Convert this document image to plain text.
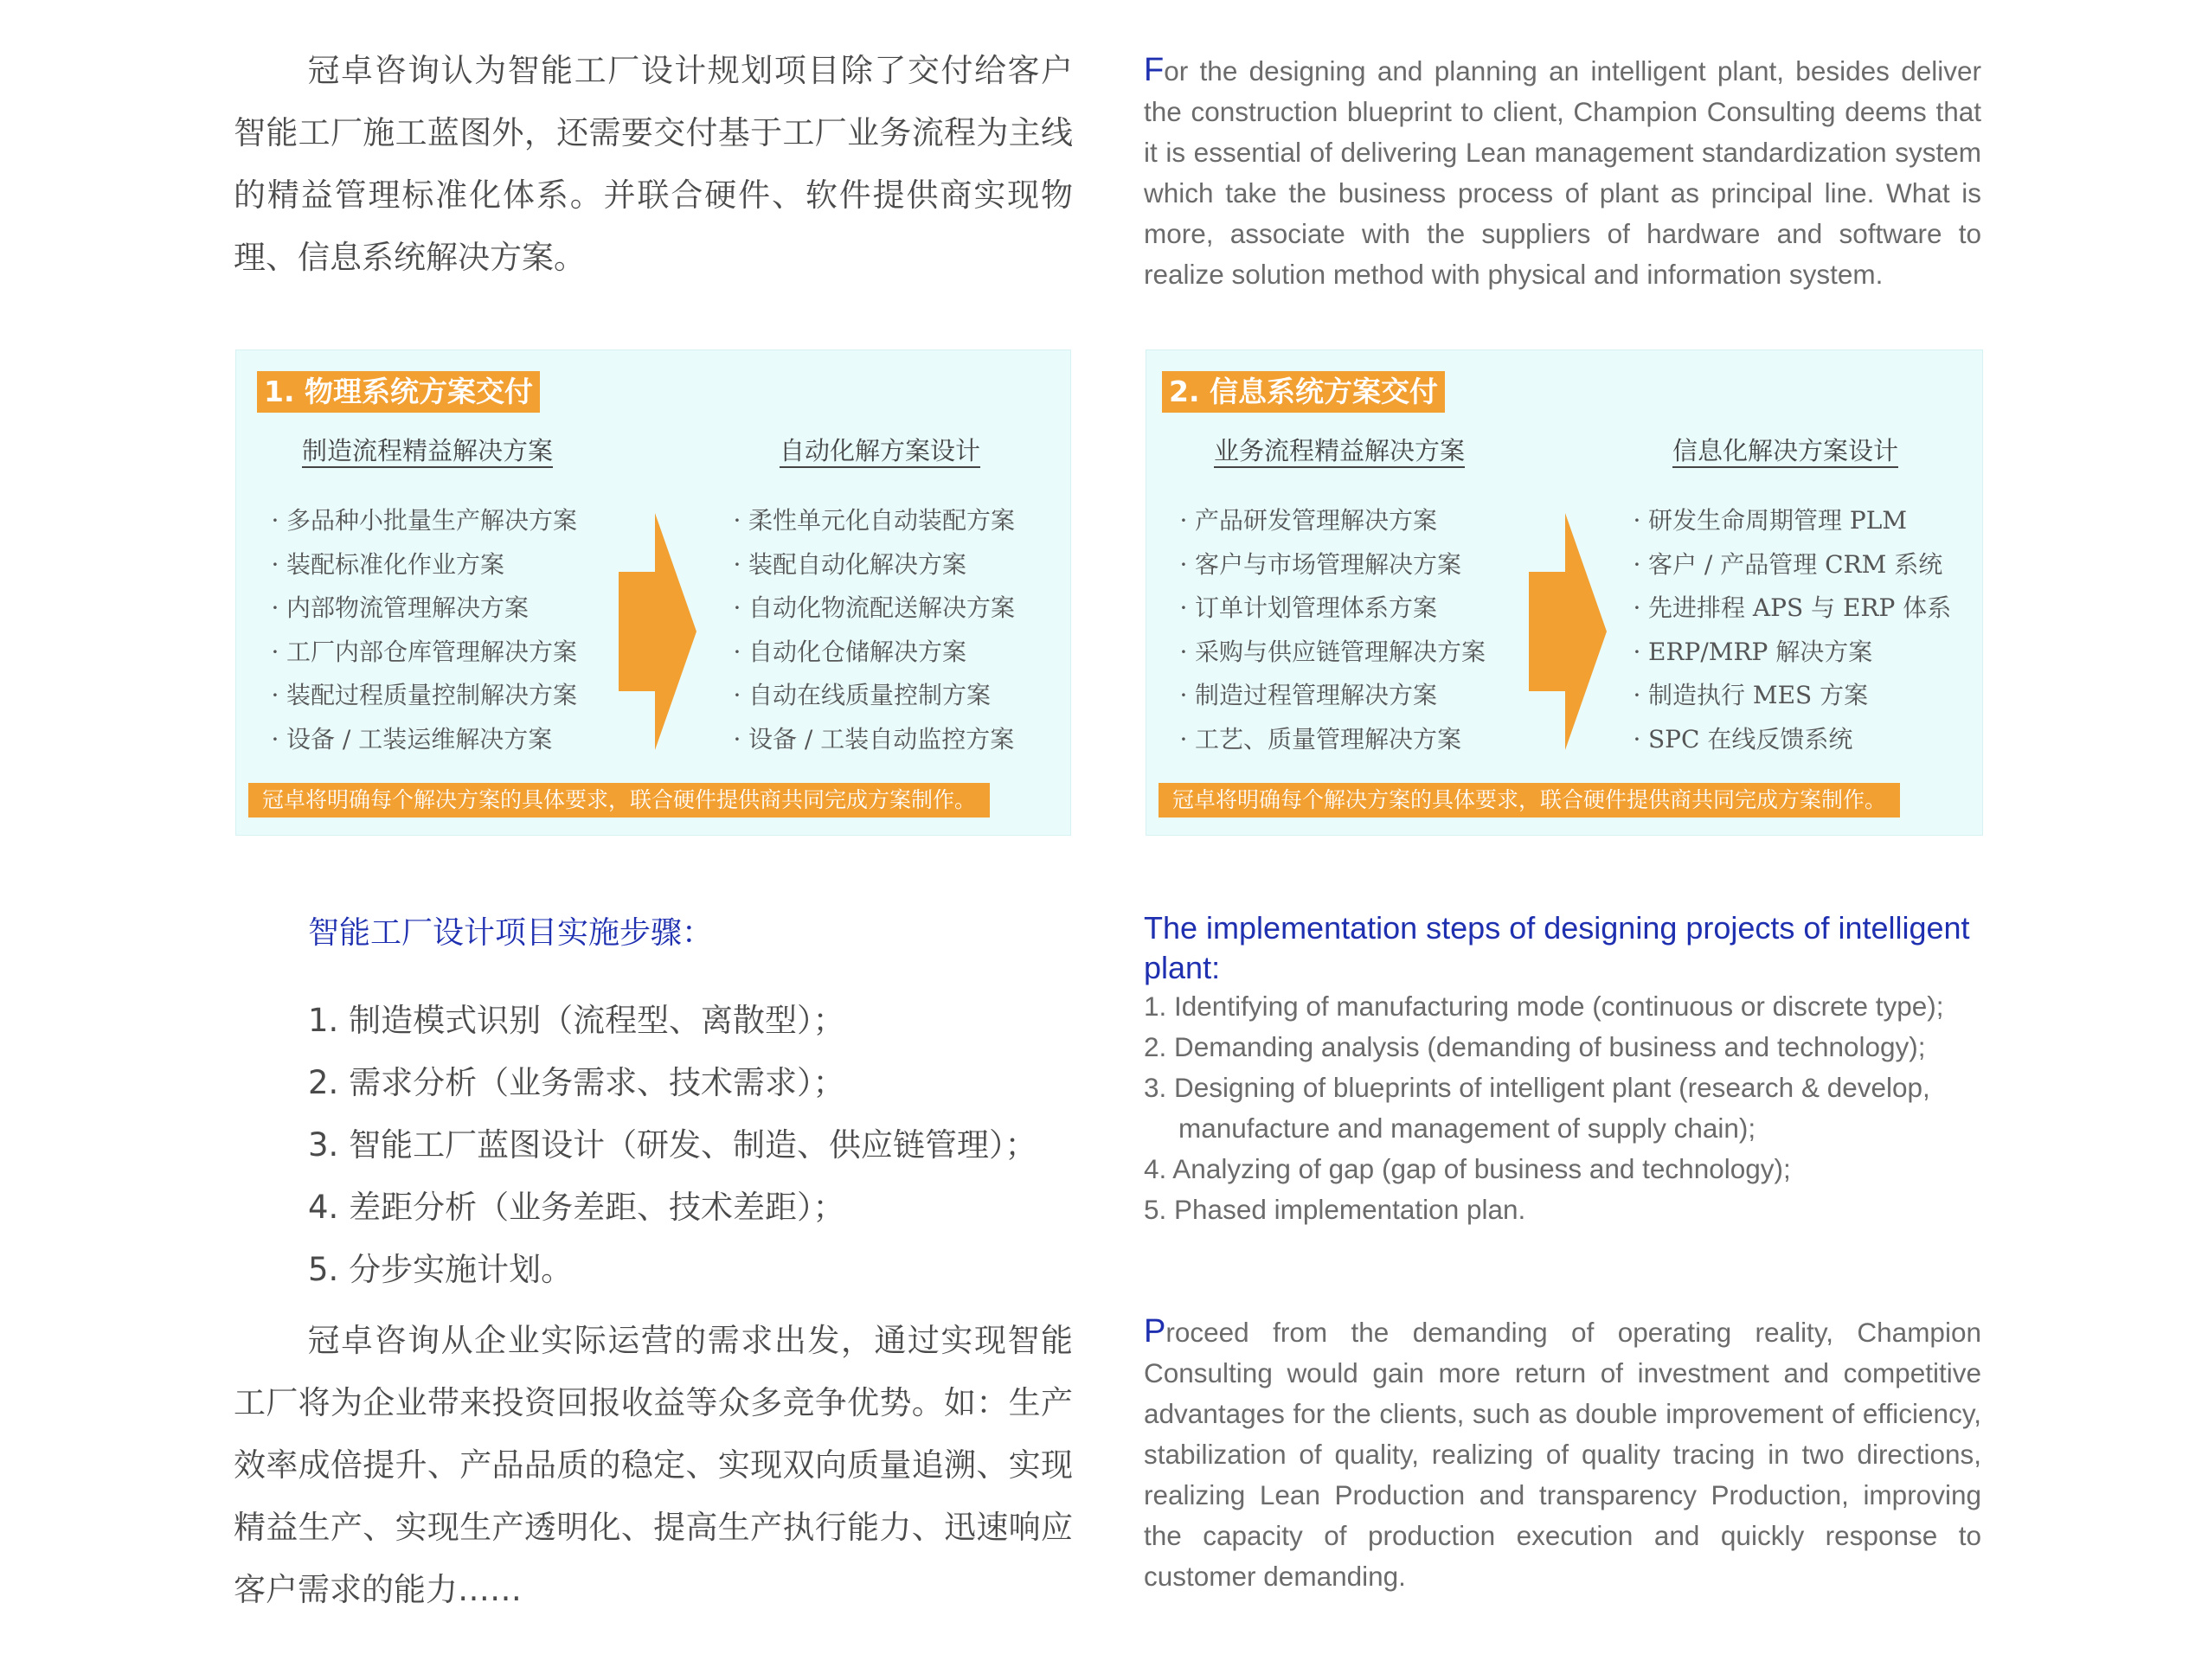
冠卓咨询认为智能工厂设计规划项目除了交付给客户智能工厂施工蓝图外，还需要交付基于工厂业务流程为主线的精益管理标准化体系。并联合硬件、软件提供商实现物理、信息系统解决方案。
For the designing and planning an intelligent plant, besides deliver the construction blueprint to client, Champion Consulting deems that it is essential of delivering Lean management standardization system which take the business process of plant as principal line. What is more, associate with the suppliers of hardware and software to realize solution method with physical and information system.
1. 物理系统方案交付
制造流程精益解决方案	自动化解方案设计
· 多品种小批量生产解决方案
· 装配标准化作业方案
· 内部物流管理解决方案
· 工厂内部仓库管理解决方案
· 装配过程质量控制解决方案
· 设备 / 工装运维解决方案
· 柔性单元化自动装配方案
· 装配自动化解决方案
· 自动化物流配送解决方案
· 自动化仓储解决方案
· 自动在线质量控制方案
· 设备 / 工装自动监控方案
冠卓将明确每个解决方案的具体要求，联合硬件提供商共同完成方案制作。
2. 信息系统方案交付
业务流程精益解决方案	信息化解决方案设计
· 产品研发管理解决方案
· 客户与市场管理解决方案
· 订单计划管理体系方案
· 采购与供应链管理解决方案
· 制造过程管理解决方案
· 工艺、质量管理解决方案
· 研发生命周期管理 PLM
· 客户 / 产品管理 CRM 系统
· 先进排程 APS 与 ERP 体系
· ERP/MRP 解决方案
· 制造执行 MES 方案
· SPC 在线反馈系统
冠卓将明确每个解决方案的具体要求，联合硬件提供商共同完成方案制作。
智能工厂设计项目实施步骤：
1. 制造模式识别（流程型、离散型）；
2. 需求分析（业务需求、技术需求）；
3. 智能工厂蓝图设计（研发、制造、供应链管理）；
4. 差距分析（业务差距、技术差距）；
5. 分步实施计划。
The implementation steps of designing projects of intelligent plant:
1. Identifying of manufacturing mode (continuous or discrete type);
2. Demanding analysis (demanding of business and technology);
3. Designing of blueprints of intelligent plant (research & develop, manufacture and management of supply chain);
4. Analyzing of gap (gap of business and technology);
5. Phased implementation plan.
冠卓咨询从企业实际运营的需求出发，通过实现智能工厂将为企业带来投资回报收益等众多竞争优势。如：生产效率成倍提升、产品品质的稳定、实现双向质量追溯、实现精益生产、实现生产透明化、提高生产执行能力、迅速响应客户需求的能力……
Proceed from the demanding of operating reality, Champion Consulting would gain more return of investment and competitive advantages for the clients, such as double improvement of efficiency, stabilization of quality, realizing of quality tracing in two directions, realizing Lean Production and transparency Production, improving the capacity of production execution and quickly response to customer demanding.
